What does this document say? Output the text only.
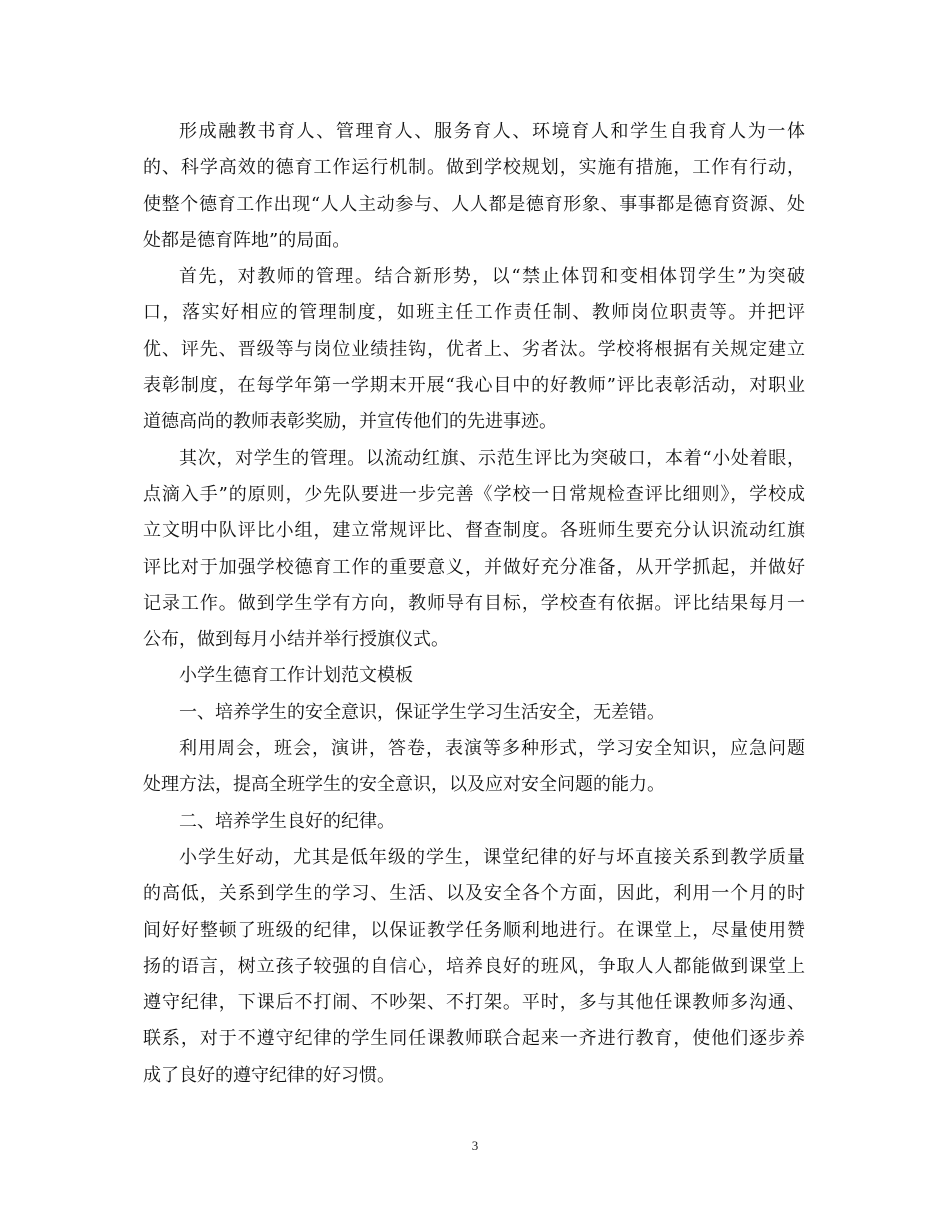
形成融教书育人、管理育人、服务育人、环境育人和学生自我育人为一体
的、科学高效的德育工作运行机制。做到学校规划，实施有措施，工作有行动，
使整个德育工作出现“人人主动参与、人人都是德育形象、事事都是德育资源、处
处都是德育阵地”的局面。
首先，对教师的管理。结合新形势，以“禁止体罚和变相体罚学生”为突破
口，落实好相应的管理制度，如班主任工作责任制、教师岗位职责等。并把评
优、评先、晋级等与岗位业绩挂钩，优者上、劣者汰。学校将根据有关规定建立
表彰制度，在每学年第一学期末开展“我心目中的好教师”评比表彰活动，对职业
道德高尚的教师表彰奖励，并宣传他们的先进事迹。
其次，对学生的管理。以流动红旗、示范生评比为突破口，本着“小处着眼，
点滴入手”的原则，少先队要进一步完善《学校一日常规检查评比细则》，学校成
立文明中队评比小组，建立常规评比、督查制度。各班师生要充分认识流动红旗
评比对于加强学校德育工作的重要意义，并做好充分准备，从开学抓起，并做好
记录工作。做到学生学有方向，教师导有目标，学校查有依据。评比结果每月一
公布，做到每月小结并举行授旗仪式。
小学生德育工作计划范文模板
一、培养学生的安全意识，保证学生学习生活安全，无差错。
利用周会，班会，演讲，答卷，表演等多种形式，学习安全知识，应急问题
处理方法，提高全班学生的安全意识，以及应对安全问题的能力。
二、培养学生良好的纪律。
小学生好动，尤其是低年级的学生，课堂纪律的好与坏直接关系到教学质量
的高低，关系到学生的学习、生活、以及安全各个方面，因此，利用一个月的时
间好好整顿了班级的纪律，以保证教学任务顺利地进行。在课堂上，尽量使用赞
扬的语言，树立孩子较强的自信心，培养良好的班风，争取人人都能做到课堂上
遵守纪律，下课后不打闹、不吵架、不打架。平时，多与其他任课教师多沟通、
联系，对于不遵守纪律的学生同任课教师联合起来一齐进行教育，使他们逐步养
成了良好的遵守纪律的好习惯。
3
